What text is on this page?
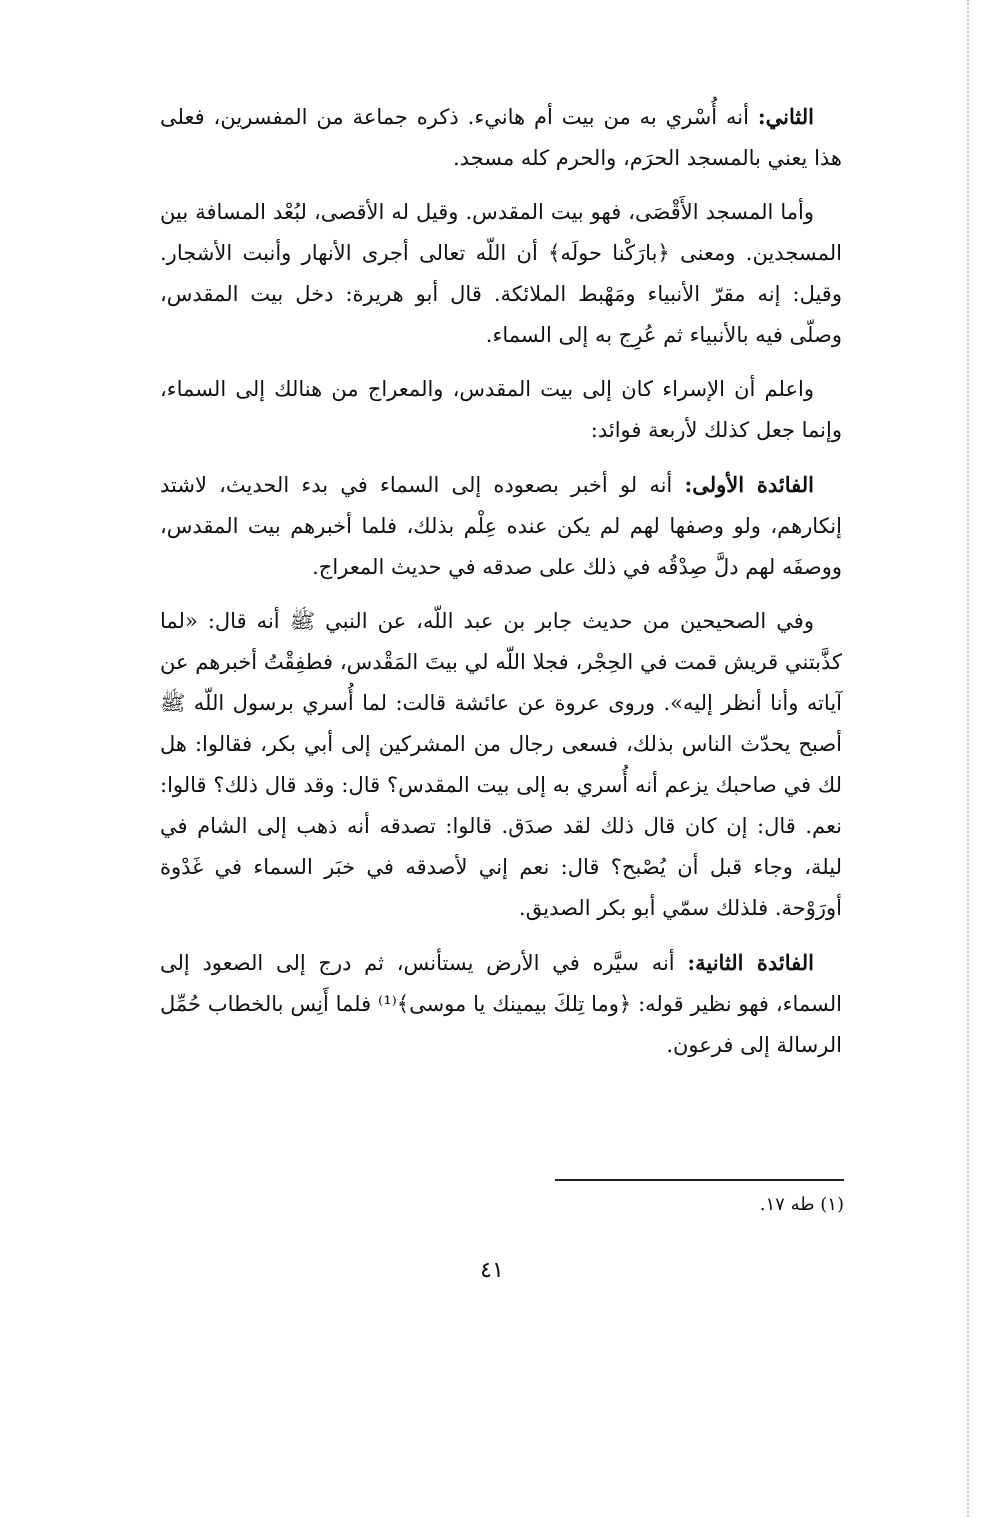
الثاني: أنه أُسْري به من بيت أم هانيء. ذكره جماعة من المفسرين، فعلى هذا يعني بالمسجد الحرَم، والحرم كله مسجد.

وأما المسجد الأَقْصَى، فهو بيت المقدس. وقيل له الأقصى، لبُعْد المسافة بين المسجدين. ومعنى ﴿بارَكْنا حولَه﴾ أن اللّه تعالى أجرى الأنهار وأنبت الأشجار. وقيل: إنه مقرّ الأنبياء ومَهْبط الملائكة. قال أبو هريرة: دخل بيت المقدس، وصلّى فيه بالأنبياء ثم عُرِج به إلى السماء.

واعلم أن الإسراء كان إلى بيت المقدس، والمعراج من هنالك إلى السماء، وإنما جعل كذلك لأربعة فوائد:

الفائدة الأولى: أنه لو أخبر بصعوده إلى السماء في بدء الحديث، لاشتد إنكارهم، ولو وصفها لهم لم يكن عنده عِلْم بذلك، فلما أخبرهم بيت المقدس، ووصفَه لهم دلَّ صِدْقُه في ذلك على صدقه في حديث المعراج.

وفي الصحيحين من حديث جابر بن عبد اللّه، عن النبي ﷺ أنه قال: «لما كذَّبتني قريش قمت في الحِجْر، فجلا اللّه لي بيتَ المَقْدس، فطفِقْتُ أخبرهم عن آياته وأنا أنظر إليه». وروى عروة عن عائشة قالت: لما أُسري برسول اللّه ﷺ أصبح يحدّث الناس بذلك، فسعى رجال من المشركين إلى أبي بكر، فقالوا: هل لك في صاحبك يزعم أنه أُسري به إلى بيت المقدس؟ قال: وقد قال ذلك؟ قالوا: نعم. قال: إن كان قال ذلك لقد صدَق. قالوا: تصدقه أنه ذهب إلى الشام في ليلة، وجاء قبل أن يُصْبح؟ قال: نعم إني لأصدقه في خبَر السماء في غَدْوة أورَوْحة. فلذلك سمّي أبو بكر الصديق.

الفائدة الثانية: أنه سيَّره في الأرض يستأنس، ثم درج إلى الصعود إلى السماء، فهو نظير قوله: ﴿وما تِلكَ بيمينك يا موسى﴾⁽¹⁾ فلما أَنِس بالخطاب حُمِّل الرسالة إلى فرعون.

(١) طه ١٧.
٤١
